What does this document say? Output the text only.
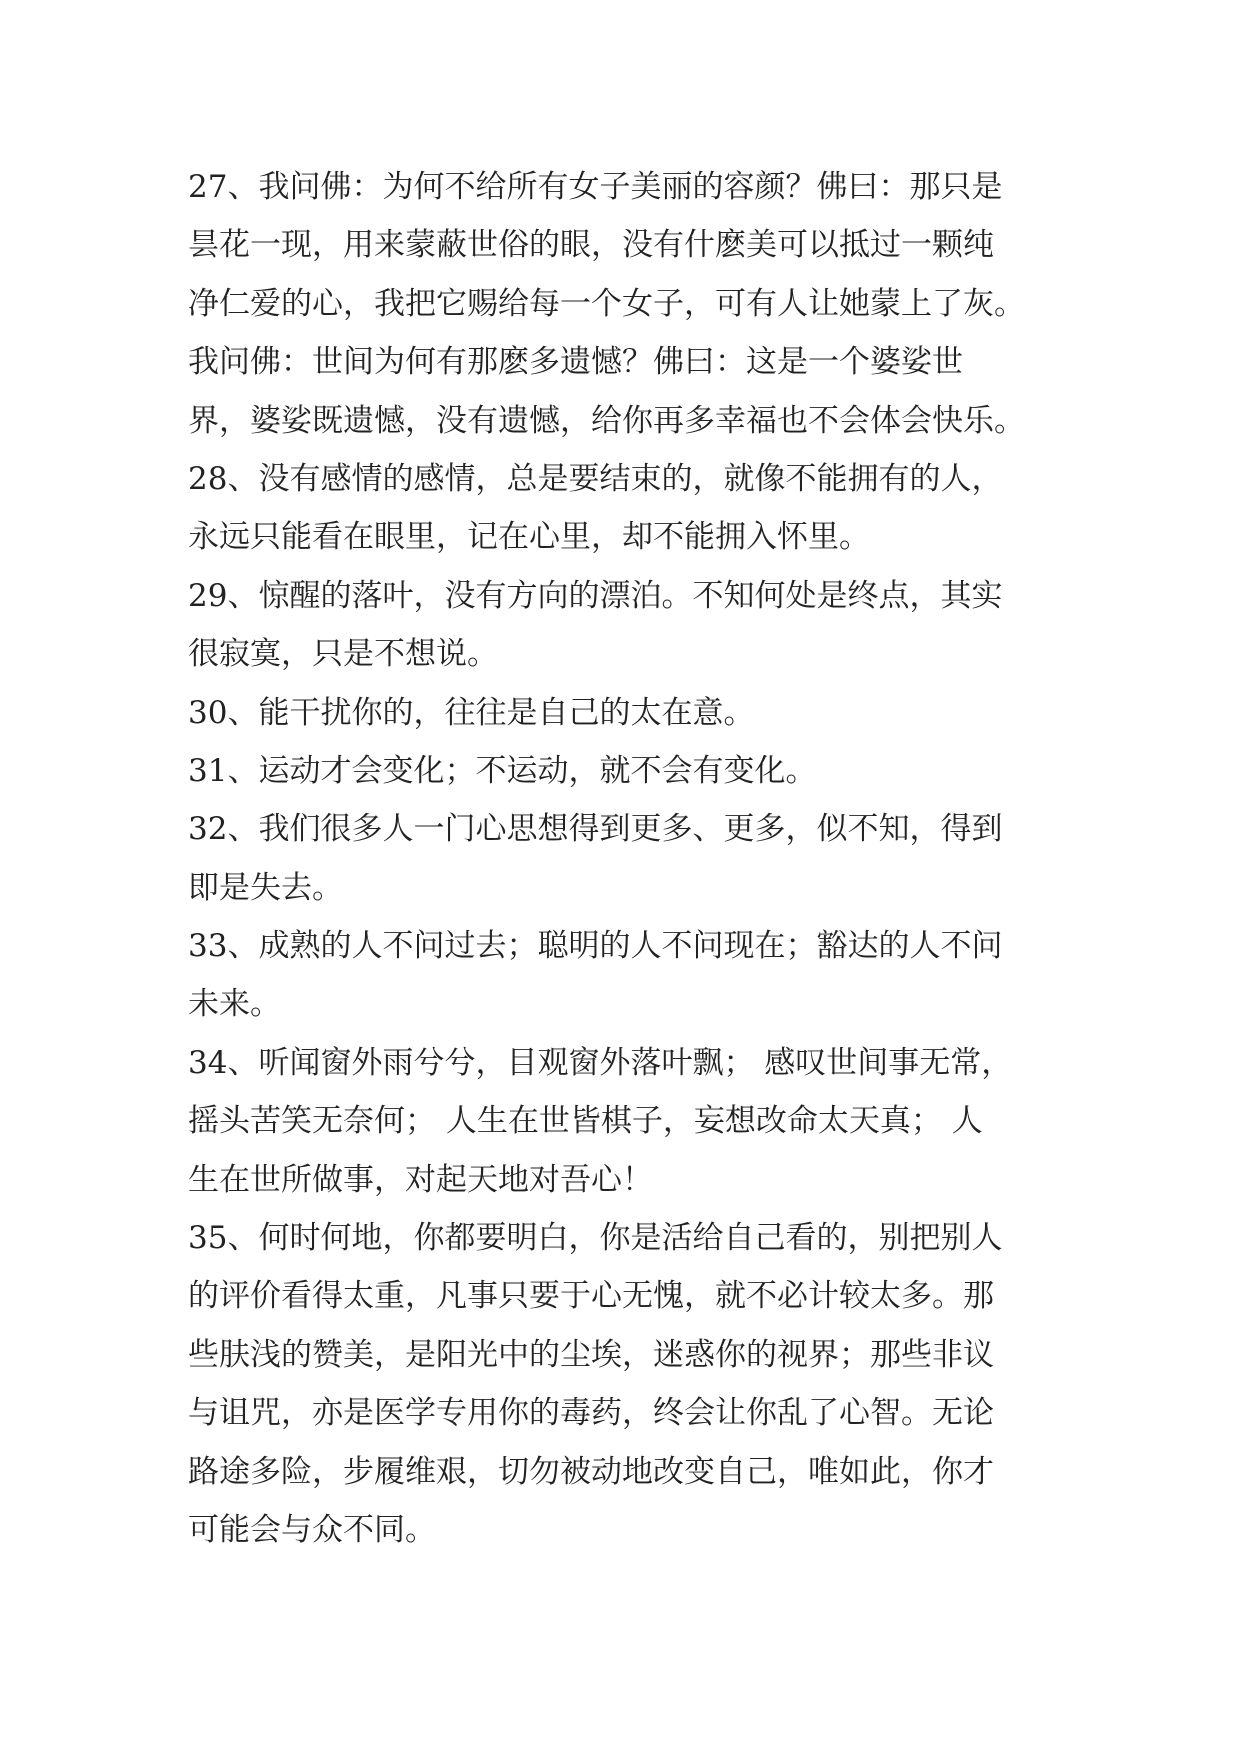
27、我问佛：为何不给所有女子美丽的容颜？佛曰：那只是
昙花一现，用来蒙蔽世俗的眼，没有什麽美可以抵过一颗纯
净仁爱的心，我把它赐给每一个女子，可有人让她蒙上了灰。
我问佛：世间为何有那麽多遗憾？佛曰：这是一个婆娑世
界，婆娑既遗憾，没有遗憾，给你再多幸福也不会体会快乐。
28、没有感情的感情，总是要结束的，就像不能拥有的人，
永远只能看在眼里，记在心里，却不能拥入怀里。
29、惊醒的落叶，没有方向的漂泊。不知何处是终点，其实
很寂寞，只是不想说。
30、能干扰你的，往往是自己的太在意。
31、运动才会变化；不运动，就不会有变化。
32、我们很多人一门心思想得到更多、更多，似不知，得到
即是失去。
33、成熟的人不问过去；聪明的人不问现在；豁达的人不问
未来。
34、听闻窗外雨兮兮，目观窗外落叶飘； 感叹世间事无常，
摇头苦笑无奈何； 人生在世皆棋子，妄想改命太天真； 人
生在世所做事，对起天地对吾心！
35、何时何地，你都要明白，你是活给自己看的，别把别人
的评价看得太重，凡事只要于心无愧，就不必计较太多。那
些肤浅的赞美，是阳光中的尘埃，迷惑你的视界；那些非议
与诅咒，亦是医学专用你的毒药，终会让你乱了心智。无论
路途多险，步履维艰，切勿被动地改变自己，唯如此，你才
可能会与众不同。
